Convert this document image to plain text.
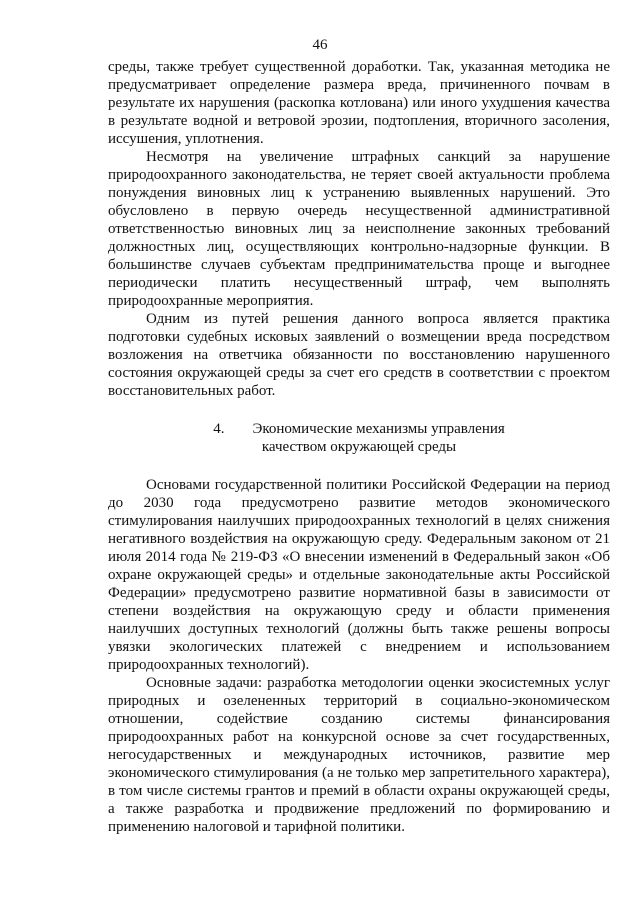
46

среды, также требует существенной доработки. Так, указанная методика не предусматривает определение размера вреда, причиненного почвам в результате их нарушения (раскопка котлована) или иного ухудшения качества в результате водной и ветровой эрозии, подтопления, вторичного засоления, иссушения, уплотнения.

Несмотря на увеличение штрафных санкций за нарушение природоохранного законодательства, не теряет своей актуальности проблема понуждения виновных лиц к устранению выявленных нарушений. Это обусловлено в первую очередь несущественной административной ответственностью виновных лиц за неисполнение законных требований должностных лиц, осуществляющих контрольно-надзорные функции. В большинстве случаев субъектам предпринимательства проще и выгоднее периодически платить несущественный штраф, чем выполнять природоохранные мероприятия.

Одним из путей решения данного вопроса является практика подготовки судебных исковых заявлений о возмещении вреда посредством возложения на ответчика обязанности по восстановлению нарушенного состояния окружающей среды за счет его средств в соответствии с проектом восстановительных работ.

4. Экономические механизмы управления
качеством окружающей среды

Основами государственной политики Российской Федерации на период до 2030 года предусмотрено развитие методов экономического стимулирования наилучших природоохранных технологий в целях снижения негативного воздействия на окружающую среду. Федеральным законом от 21 июля 2014 года № 219-ФЗ «О внесении изменений в Федеральный закон «Об охране окружающей среды» и отдельные законодательные акты Российской Федерации» предусмотрено развитие нормативной базы в зависимости от степени воздействия на окружающую среду и области применения наилучших доступных технологий (должны быть также решены вопросы увязки экологических платежей с внедрением и использованием природоохранных технологий).

Основные задачи: разработка методологии оценки экосистемных услуг природных и озелененных территорий в социально-экономическом отношении, содействие созданию системы финансирования природоохранных работ на конкурсной основе за счет государственных, негосударственных и международных источников, развитие мер экономического стимулирования (а не только мер запретительного характера), в том числе системы грантов и премий в области охраны окружающей среды, а также разработка и продвижение предложений по формированию и применению налоговой и тарифной политики.
